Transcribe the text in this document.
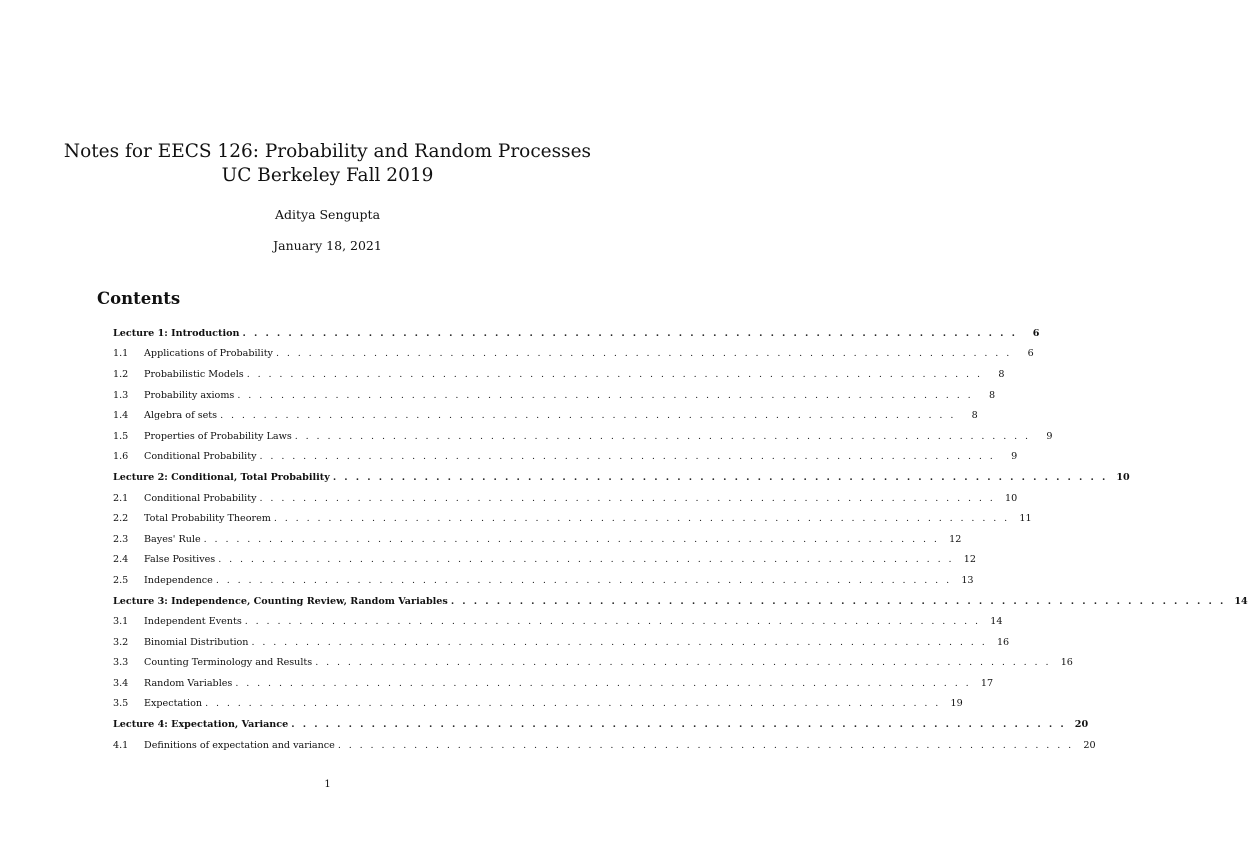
Notes for EECS 126: Probability and Random Processes
UC Berkeley Fall 2019
Aditya Sengupta
January 18, 2021
Contents
Lecture 1: Introduction . . . . . . . . . . . . . . . . . . . . . . . . . . . . . . . . . . . . . . . . . . . . . . . . . . . . . . . . . . . . . . . . . . . .	6
1.1	Applications of Probability . . . . . . . . . . . . . . . . . . . . . . . . . . . . . . . . . . . . . . . . . . . . . . . . . . . . . . . . . . . . . . . . . . . .	6
1.2	Probabilistic Models . . . . . . . . . . . . . . . . . . . . . . . . . . . . . . . . . . . . . . . . . . . . . . . . . . . . . . . . . . . . . . . . . . . .	8
1.3	Probability axioms . . . . . . . . . . . . . . . . . . . . . . . . . . . . . . . . . . . . . . . . . . . . . . . . . . . . . . . . . . . . . . . . . . . .	8
1.4	Algebra of sets . . . . . . . . . . . . . . . . . . . . . . . . . . . . . . . . . . . . . . . . . . . . . . . . . . . . . . . . . . . . . . . . . . . .	8
1.5	Properties of Probability Laws . . . . . . . . . . . . . . . . . . . . . . . . . . . . . . . . . . . . . . . . . . . . . . . . . . . . . . . . . . . . . . . . . . . .	9
1.6	Conditional Probability . . . . . . . . . . . . . . . . . . . . . . . . . . . . . . . . . . . . . . . . . . . . . . . . . . . . . . . . . . . . . . . . . . . .	9
Lecture 2: Conditional, Total Probability . . . . . . . . . . . . . . . . . . . . . . . . . . . . . . . . . . . . . . . . . . . . . . . . . . . . . . . . . . . . . . . . . . . . 10
2.1	Conditional Probability . . . . . . . . . . . . . . . . . . . . . . . . . . . . . . . . . . . . . . . . . . . . . . . . . . . . . . . . . . . . . . . . . . . .	10
2.2	Total Probability Theorem . . . . . . . . . . . . . . . . . . . . . . . . . . . . . . . . . . . . . . . . . . . . . . . . . . . . . . . . . . . . . . . . . . . .	11
2.3	Bayes' Rule . . . . . . . . . . . . . . . . . . . . . . . . . . . . . . . . . . . . . . . . . . . . . . . . . . . . . . . . . . . . . . . . . . . .	12
2.4	False Positives . . . . . . . . . . . . . . . . . . . . . . . . . . . . . . . . . . . . . . . . . . . . . . . . . . . . . . . . . . . . . . . . . . . .	12
2.5	Independence . . . . . . . . . . . . . . . . . . . . . . . . . . . . . . . . . . . . . . . . . . . . . . . . . . . . . . . . . . . . . . . . . . . .	13
Lecture 3: Independence, Counting Review, Random Variables . . . . . . . . . . . . . . . . . . . . . . . . . . . . . . . . . . . . . . . . . . . . . . . . . . . . . . . . . . . . . . . . . . . . 14
3.1	Independent Events . . . . . . . . . . . . . . . . . . . . . . . . . . . . . . . . . . . . . . . . . . . . . . . . . . . . . . . . . . . . . . . . . . . .	14
3.2	Binomial Distribution . . . . . . . . . . . . . . . . . . . . . . . . . . . . . . . . . . . . . . . . . . . . . . . . . . . . . . . . . . . . . . . . . . . .	16
3.3	Counting Terminology and Results . . . . . . . . . . . . . . . . . . . . . . . . . . . . . . . . . . . . . . . . . . . . . . . . . . . . . . . . . . . . . . . . . . . .	16
3.4	Random Variables . . . . . . . . . . . . . . . . . . . . . . . . . . . . . . . . . . . . . . . . . . . . . . . . . . . . . . . . . . . . . . . . . . . .	17
3.5	Expectation . . . . . . . . . . . . . . . . . . . . . . . . . . . . . . . . . . . . . . . . . . . . . . . . . . . . . . . . . . . . . . . . . . . .	19
Lecture 4: Expectation, Variance . . . . . . . . . . . . . . . . . . . . . . . . . . . . . . . . . . . . . . . . . . . . . . . . . . . . . . . . . . . . . . . . . . . . 20
4.1	Definitions of expectation and variance . . . . . . . . . . . . . . . . . . . . . . . . . . . . . . . . . . . . . . . . . . . . . . . . . . . . . . . . . . . . . . . . . . . .	20
1
